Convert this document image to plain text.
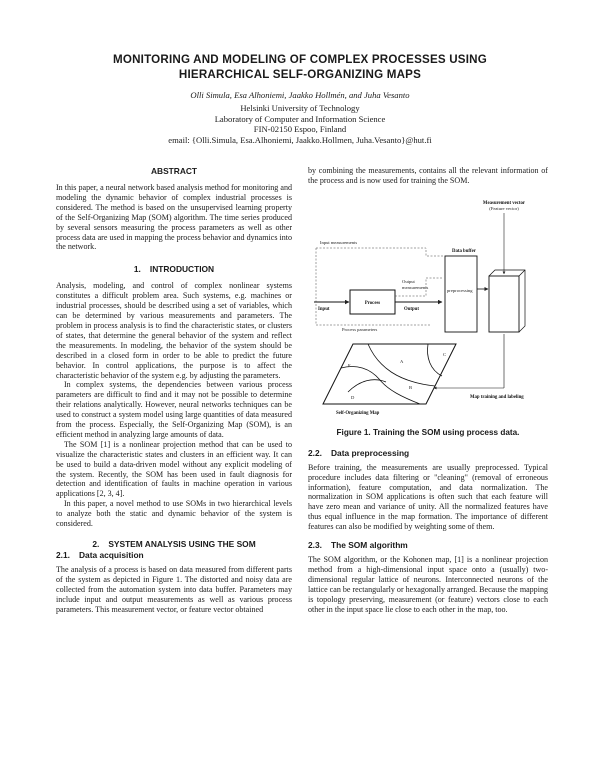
MONITORING AND MODELING OF COMPLEX PROCESSES USING
HIERARCHICAL SELF-ORGANIZING MAPS
Olli Simula, Esa Alhoniemi, Jaakko Hollmén, and Juha Vesanto
Helsinki University of Technology
Laboratory of Computer and Information Science
FIN-02150 Espoo, Finland
email: {Olli.Simula, Esa.Alhoniemi, Jaakko.Hollmen, Juha.Vesanto}@hut.fi
ABSTRACT

In this paper, a neural network based analysis method for monitoring and modeling the dynamic behavior of complex industrial processes is considered. The method is based on the unsupervised learning property of the Self-Organizing Map (SOM) algorithm. The time series produced by several sensors measuring the process parameters as well as other process data are used in mapping the process behavior and dynamics into the network.

1. INTRODUCTION

Analysis, modeling, and control of complex nonlinear systems constitutes a difficult problem area. Such systems, e.g. machines or industrial processes, should be described using a set of variables, which can be determined by various measurements and parameters. The problem in process analysis is to find the characteristic states, or clusters of states, that determine the general behavior of the system and reflect the measurements. In modeling, the behavior of the system should be described in a closed form in order to be able to predict the future behavior. In control applications, the purpose is to affect the characteristic behavior of the system e.g. by adjusting the parameters.

In complex systems, the dependencies between various process parameters are difficult to find and it may not be possible to determine their relations analytically. However, neural networks techniques can be used to construct a system model using large quantities of data measured from the process. Especially, the Self-Organizing Map (SOM), is an efficient method in analyzing large amounts of data.

The SOM [1] is a nonlinear projection method that can be used to visualize the characteristic states and clusters in an efficient way. It can be used to build a data-driven model without any explicit modeling of the system. Recently, the SOM has been used in fault diagnosis for detection and identification of faults in machine operation in various applications [2, 3, 4].

In this paper, a novel method to use SOMs in two hierarchical levels to analyze both the static and dynamic behavior of the system is considered.

2. SYSTEM ANALYSIS USING THE SOM
2.1. Data acquisition

The analysis of a process is based on data measured from different parts of the system as depicted in Figure 1. The distorted and noisy data are collected from the automation system into data buffer. Parameters may include input and output measurements as well as various process parameters. This measurement vector, or feature vector obtained

by combining the measurements, contains all the relevant information of the process and is now used for training the SOM.

Measurement vector
(Feature vector)
Input measurements
Process parameters
Process
Input	Output
Output
measurements
Data buffer
preprocessing
A
B
C
D
E
Self-Organizing Map
Map training and labeling
Figure 1. Training the SOM using process data.
2.2. Data preprocessing

Before training, the measurements are usually preprocessed. Typical procedure includes data filtering or "cleaning" (removal of erroneous information), feature computation, and data normalization. The normalization in SOM applications is often such that each feature will have zero mean and variance of unity. All the normalized features have thus equal influence in the map formation. The importance of different features can also be modified by weighting some of them.

2.3. The SOM algorithm

The SOM algorithm, or the Kohonen map, [1] is a nonlinear projection method from a high-dimensional input space onto a (usually) two-dimensional regular lattice of neurons. Interconnected neurons of the lattice can be rectangularly or hexagonally arranged. Because the mapping is topology preserving, measurement (or feature) vectors close to each other in the input space lie close to each other in the map, too.
